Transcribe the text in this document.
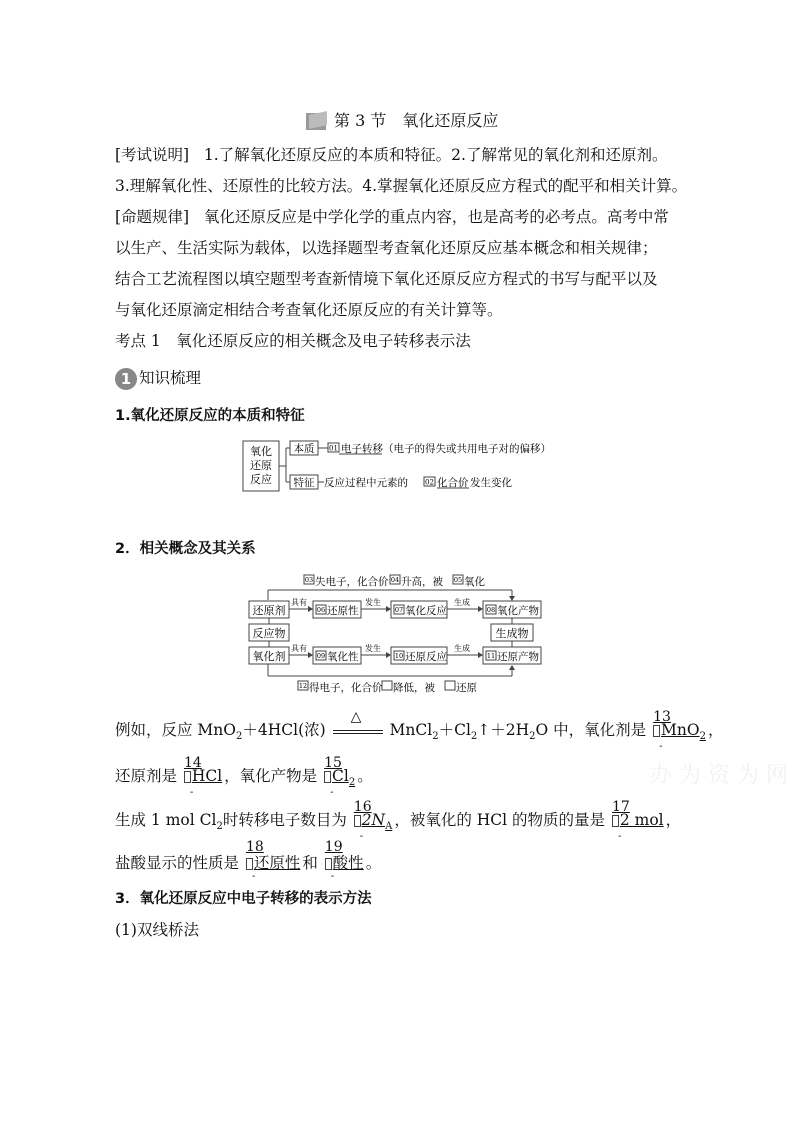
第 3 节　氧化还原反应
[考试说明] 1.了解氧化还原反应的本质和特征。2.了解常见的氧化剂和还原剂。
3.理解氧化性、还原性的比较方法。4.掌握氧化还原反应方程式的配平和相关计算。
[命题规律] 氧化还原反应是中学化学的重点内容，也是高考的必考点。高考中常
以生产、生活实际为载体，以选择题型考查氧化还原反应基本概念和相关规律；
结合工艺流程图以填空题型考查新情境下氧化还原反应方程式的书写与配平以及
与氧化还原滴定相结合考查氧化还原反应的有关计算等。
考点 1　氧化还原反应的相关概念及电子转移表示法
1 知识梳理
1.氧化还原反应的本质和特征
氧化
还原
反应
本质 01 电子转移（电子的得失或共用电子对的偏移）
特征 反应过程中元素的 02 化合价 发生变化
2．相关概念及其关系
03 失电子，化合价 04 升高，被 05 氧化
还原剂
具有
06 还原性
发生
07 氧化反应
生成
08 氧化产物
反应物	生成物
氧化剂
具有
09 氧化性
发生
10 还原反应
生成
11 还原产物
12 得电子，化合价 降低，被 还原
例如，反应 MnO$_2$＋4HCl(浓)
△
$MnCl_2+Cl_2↑+2H_2O$ 中，氧化剂是
13
MnO$_2$
-
，
还原剂是
14
HCl
-
，氧化产物是
15
$Cl_2$
-
。
生成 1 mol $Cl_2$时转移电子数目为
16
$2N_A$
-
，被氧化的 HCl 的物质的量是
17
2 mol
-
，
盐酸显示的性质是
18
还原性
-
和
19
酸性
-
。
3．氧化还原反应中电子转移的表示方法
(1)双线桥法
办 为 资 为 网
